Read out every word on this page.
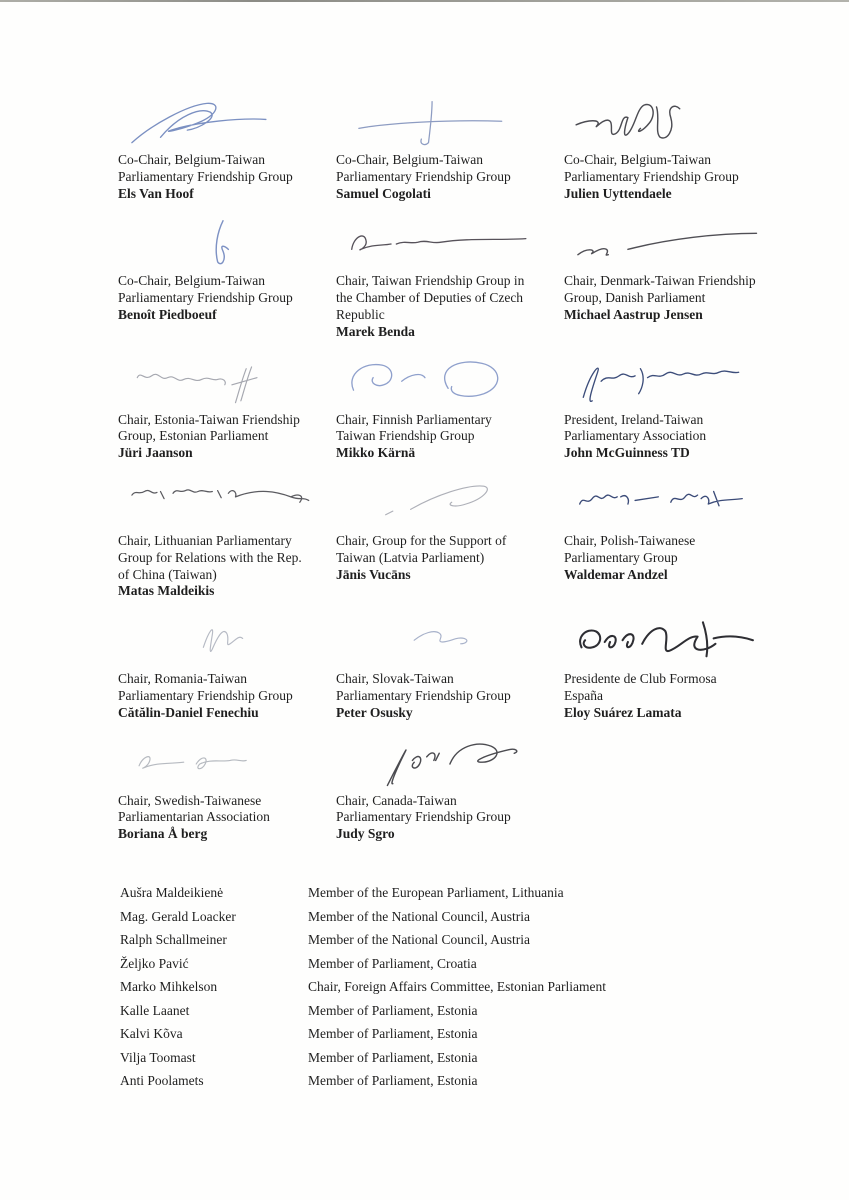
Co-Chair, Belgium-Taiwan
Parliamentary Friendship Group
Els Van Hoof
Co-Chair, Belgium-Taiwan
Parliamentary Friendship Group
Samuel Cogolati
Co-Chair, Belgium-Taiwan
Parliamentary Friendship Group
Julien Uyttendaele
Co-Chair, Belgium-Taiwan
Parliamentary Friendship Group
Benoît Piedboeuf
Chair, Taiwan Friendship Group in
the Chamber of Deputies of Czech
Republic
Marek Benda
Chair, Denmark-Taiwan Friendship
Group, Danish Parliament
Michael Aastrup Jensen
Chair, Estonia-Taiwan Friendship
Group, Estonian Parliament
Jüri Jaanson
Chair, Finnish Parliamentary
Taiwan Friendship Group
Mikko Kärnä
President, Ireland-Taiwan
Parliamentary Association
John McGuinness TD
Chair, Lithuanian Parliamentary
Group for Relations with the Rep.
of China (Taiwan)
Matas Maldeikis
Chair, Group for the Support of
Taiwan (Latvia Parliament)
Jānis Vucāns
Chair, Polish-Taiwanese
Parliamentary Group
Waldemar Andzel
Chair, Romania-Taiwan
Parliamentary Friendship Group
Cătălin-Daniel Fenechiu
Chair, Slovak-Taiwan
Parliamentary Friendship Group
Peter Osusky
Presidente de Club Formosa
España
Eloy Suárez Lamata
Chair, Swedish-Taiwanese
Parliamentarian Association
Boriana Å berg
Chair, Canada-Taiwan
Parliamentary Friendship Group
Judy Sgro
Aušra Maldeikienė	Member of the European Parliament, Lithuania
Mag. Gerald Loacker	Member of the National Council, Austria
Ralph Schallmeiner	Member of the National Council, Austria
Željko Pavić	Member of Parliament, Croatia
Marko Mihkelson	Chair, Foreign Affairs Committee, Estonian Parliament
Kalle Laanet	Member of Parliament, Estonia
Kalvi Kõva	Member of Parliament, Estonia
Vilja Toomast	Member of Parliament, Estonia
Anti Poolamets	Member of Parliament, Estonia
